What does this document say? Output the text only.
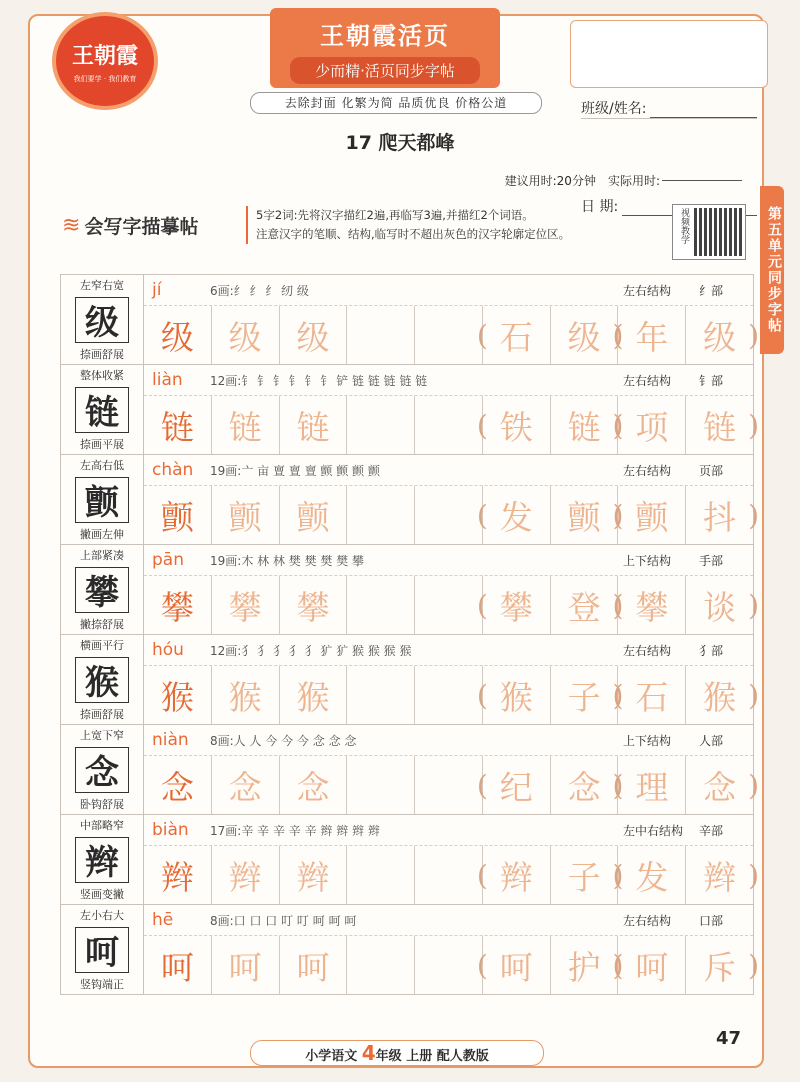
王朝霞
我们要学 · 我们教育
王朝霞活页
少而精·活页同步字帖
班级/姓名:
日 期:
去除封面 化繁为简 品质优良 价格公道
17 爬天都峰
建议用时:20分钟 实际用时:
第五单元同步字帖
≋ 会写字描摹帖
5字2词:先将汉字描红2遍,再临写3遍,并描红2个词语。
注意汉字的笔顺、结构,临写时不超出灰色的汉字轮廓定位区。	视频教学
左窄右宽
级
捺画舒展
jí	6画:纟 纟 纟 纫 级	左右结构	纟部
级	级	级	( 石	级 )	( 年	级 )
整体收紧
链
捺画平展
liàn	12画:钅 钅 钅 钅 钅 钅 铲 链 链 链 链 链	左右结构	钅部
链	链	链	( 铁	链 )	( 项	链 )
左高右低
颤
撇画左伸
chàn	19画:亠 亩 亶 亶 亶 颤 颤 颤 颤	左右结构	页部
颤	颤	颤	( 发	颤 )	( 颤	抖 )
上部紧凑
攀
撇捺舒展
pān	19画:木 林 林 樊 樊 樊 樊 攀	上下结构	手部
攀	攀	攀	( 攀	登 )	( 攀	谈 )
横画平行
猴
捺画舒展
hóu	12画:犭 犭 犭 犭 犭 犷 犷 猴 猴 猴 猴	左右结构	犭部
猴	猴	猴	( 猴	子 )	( 石	猴 )
上宽下窄
念
卧钩舒展
niàn	8画:人 人 今 今 今 念 念 念	上下结构	人部
念	念	念	( 纪	念 )	( 理	念 )
中部略窄
辫
竖画变撇
biàn	17画:辛 辛 辛 辛 辛 辫 辫 辫 辫	左中右结构	辛部
辫	辫	辫	( 辫	子 )	( 发	辫 )
左小右大
呵
竖钩端正
hē	8画:口 口 口 叮 叮 呵 呵 呵	左右结构	口部
呵	呵	呵	( 呵	护 )	( 呵	斥 )
小学语文 4年级 上册 配人教版
47
